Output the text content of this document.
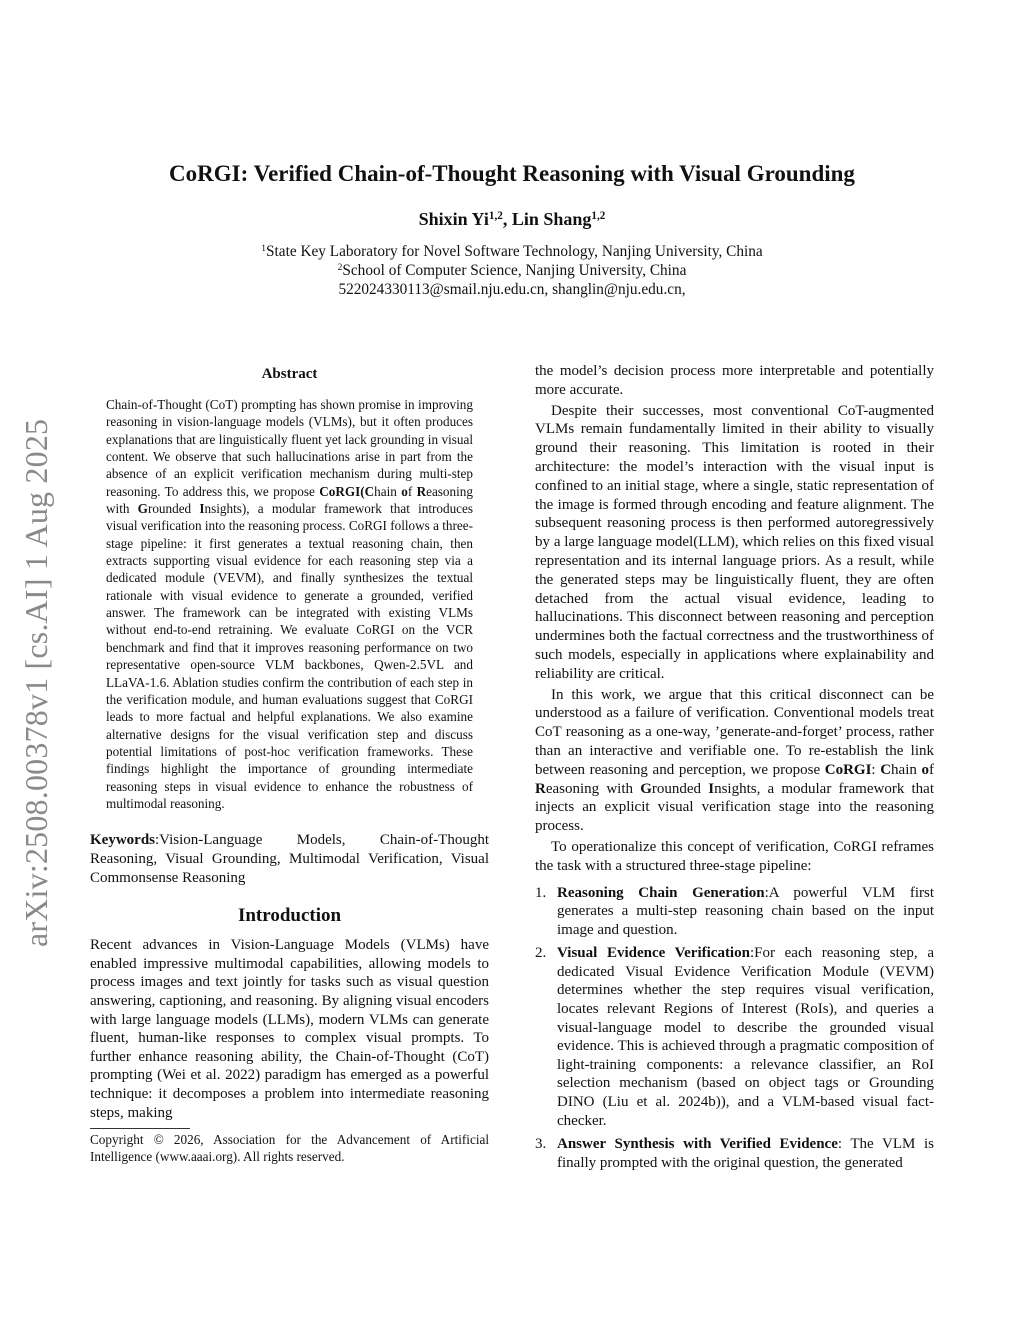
arXiv:2508.00378v1 [cs.AI] 1 Aug 2025
CoRGI: Verified Chain-of-Thought Reasoning with Visual Grounding
Shixin Yi$^{1,2}$, Lin Shang$^{1,2}$
$^1$State Key Laboratory for Novel Software Technology, Nanjing University, China
$^2$School of Computer Science, Nanjing University, China
522024330113@smail.nju.edu.cn, shanglin@nju.edu.cn,
Abstract
Chain-of-Thought (CoT) prompting has shown promise in improving reasoning in vision-language models (VLMs), but it often produces explanations that are linguistically fluent yet lack grounding in visual content. We observe that such hallucinations arise in part from the absence of an explicit verification mechanism during multi-step reasoning. To address this, we propose CoRGI(Chain of Reasoning with Grounded Insights), a modular framework that introduces visual verification into the reasoning process. CoRGI follows a three-stage pipeline: it first generates a textual reasoning chain, then extracts supporting visual evidence for each reasoning step via a dedicated module (VEVM), and finally synthesizes the textual rationale with visual evidence to generate a grounded, verified answer. The framework can be integrated with existing VLMs without end-to-end retraining. We evaluate CoRGI on the VCR benchmark and find that it improves reasoning performance on two representative open-source VLM backbones, Qwen-2.5VL and LLaVA-1.6. Ablation studies confirm the contribution of each step in the verification module, and human evaluations suggest that CoRGI leads to more factual and helpful explanations. We also examine alternative designs for the visual verification step and discuss potential limitations of post-hoc verification frameworks. These findings highlight the importance of grounding intermediate reasoning steps in visual evidence to enhance the robustness of multimodal reasoning.
Keywords:Vision-Language Models, Chain-of-Thought Reasoning, Visual Grounding, Multimodal Verification, Visual Commonsense Reasoning
Introduction

Recent advances in Vision-Language Models (VLMs) have enabled impressive multimodal capabilities, allowing models to process images and text jointly for tasks such as visual question answering, captioning, and reasoning. By aligning visual encoders with large language models (LLMs), modern VLMs can generate fluent, human-like responses to complex visual prompts. To further enhance reasoning ability, the Chain-of-Thought (CoT) prompting (Wei et al. 2022) paradigm has emerged as a powerful technique: it decomposes a problem into intermediate reasoning steps, making

Copyright © 2026, Association for the Advancement of Artificial Intelligence (www.aaai.org). All rights reserved.

the model’s decision process more interpretable and potentially more accurate.

Despite their successes, most conventional CoT-augmented VLMs remain fundamentally limited in their ability to visually ground their reasoning. This limitation is rooted in their architecture: the model’s interaction with the visual input is confined to an initial stage, where a single, static representation of the image is formed through encoding and feature alignment. The subsequent reasoning process is then performed autoregressively by a large language model(LLM), which relies on this fixed visual representation and its internal language priors. As a result, while the generated steps may be linguistically fluent, they are often detached from the actual visual evidence, leading to hallucinations. This disconnect between reasoning and perception undermines both the factual correctness and the trustworthiness of such models, especially in applications where explainability and reliability are critical.

In this work, we argue that this critical disconnect can be understood as a failure of verification. Conventional models treat CoT reasoning as a one-way, ’generate-and-forget’ process, rather than an interactive and verifiable one. To re-establish the link between reasoning and perception, we propose CoRGI: Chain of Reasoning with Grounded Insights, a modular framework that injects an explicit visual verification stage into the reasoning process.

To operationalize this concept of verification, CoRGI reframes the task with a structured three-stage pipeline:

1. Reasoning Chain Generation:A powerful VLM first generates a multi-step reasoning chain based on the input image and question.
2. Visual Evidence Verification:For each reasoning step, a dedicated Visual Evidence Verification Module (VEVM) determines whether the step requires visual verification, locates relevant Regions of Interest (RoIs), and queries a visual-language model to describe the grounded visual evidence. This is achieved through a pragmatic composition of light-training components: a relevance classifier, an RoI selection mechanism (based on object tags or Grounding DINO (Liu et al. 2024b)), and a VLM-based visual fact-checker.
3. Answer Synthesis with Verified Evidence: The VLM is finally prompted with the original question, the generated
